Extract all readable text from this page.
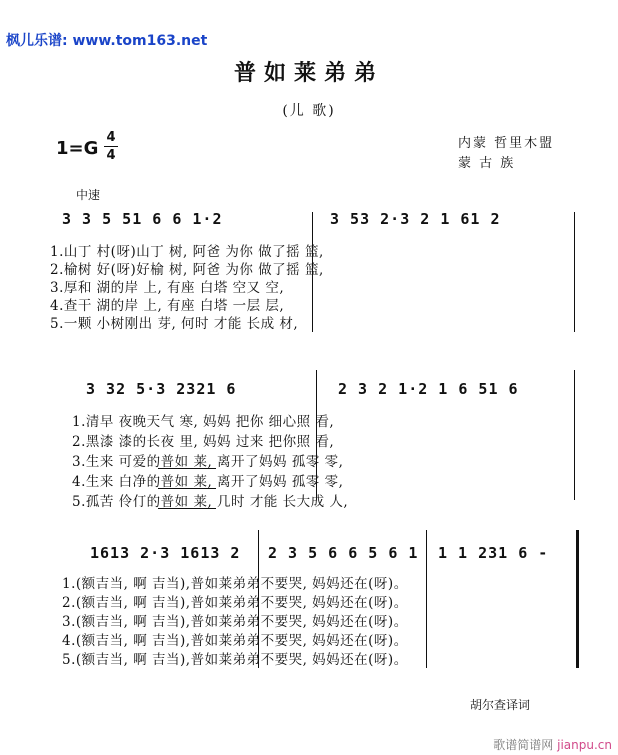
枫儿乐谱: www.tom163.net
普如莱弟弟
(儿 歌)
1=G
4
4
内蒙 哲里木盟
蒙 古 族
中速
3 3 5 51 6 6 1·2	3 53 2·3 2 1 61 2
1.山丁 村(呀)山丁 树, 阿爸 为你 做了摇 篮,
2.榆树 好(呀)好榆 树, 阿爸 为你 做了摇 篮,
3.厚和 湖的岸 上, 有座 白塔 空又 空,
4.查干 湖的岸 上, 有座 白塔 一层 层,
5.一颗 小树刚出 芽, 何时 才能 长成 材,
3 32 5·3 2321 6	2 3 2 1·2 1 6 51 6
1.清早 夜晚天气 寒, 妈妈 把你 细心照 看,
2.黑漆 漆的长夜 里, 妈妈 过来 把你照 看,
3.生来 可爱的普如 莱, 离开了妈妈 孤零 零,
4.生来 白净的普如 莱, 离开了妈妈 孤零 零,
5.孤苦 伶仃的普如 莱, 几时 才能 长大成 人,
1613 2·3 1613 2 2 3 5 6 6 5 6 1 1 1 231 6 -
1.(额吉当, 啊 吉当),普如莱弟弟不要哭, 妈妈还在(呀)。
2.(额吉当, 啊 吉当),普如莱弟弟不要哭, 妈妈还在(呀)。
3.(额吉当, 啊 吉当),普如莱弟弟不要哭, 妈妈还在(呀)。
4.(额吉当, 啊 吉当),普如莱弟弟不要哭, 妈妈还在(呀)。
5.(额吉当, 啊 吉当),普如莱弟弟不要哭, 妈妈还在(呀)。
胡尔查译词
歌谱简谱网 jianpu.cn
